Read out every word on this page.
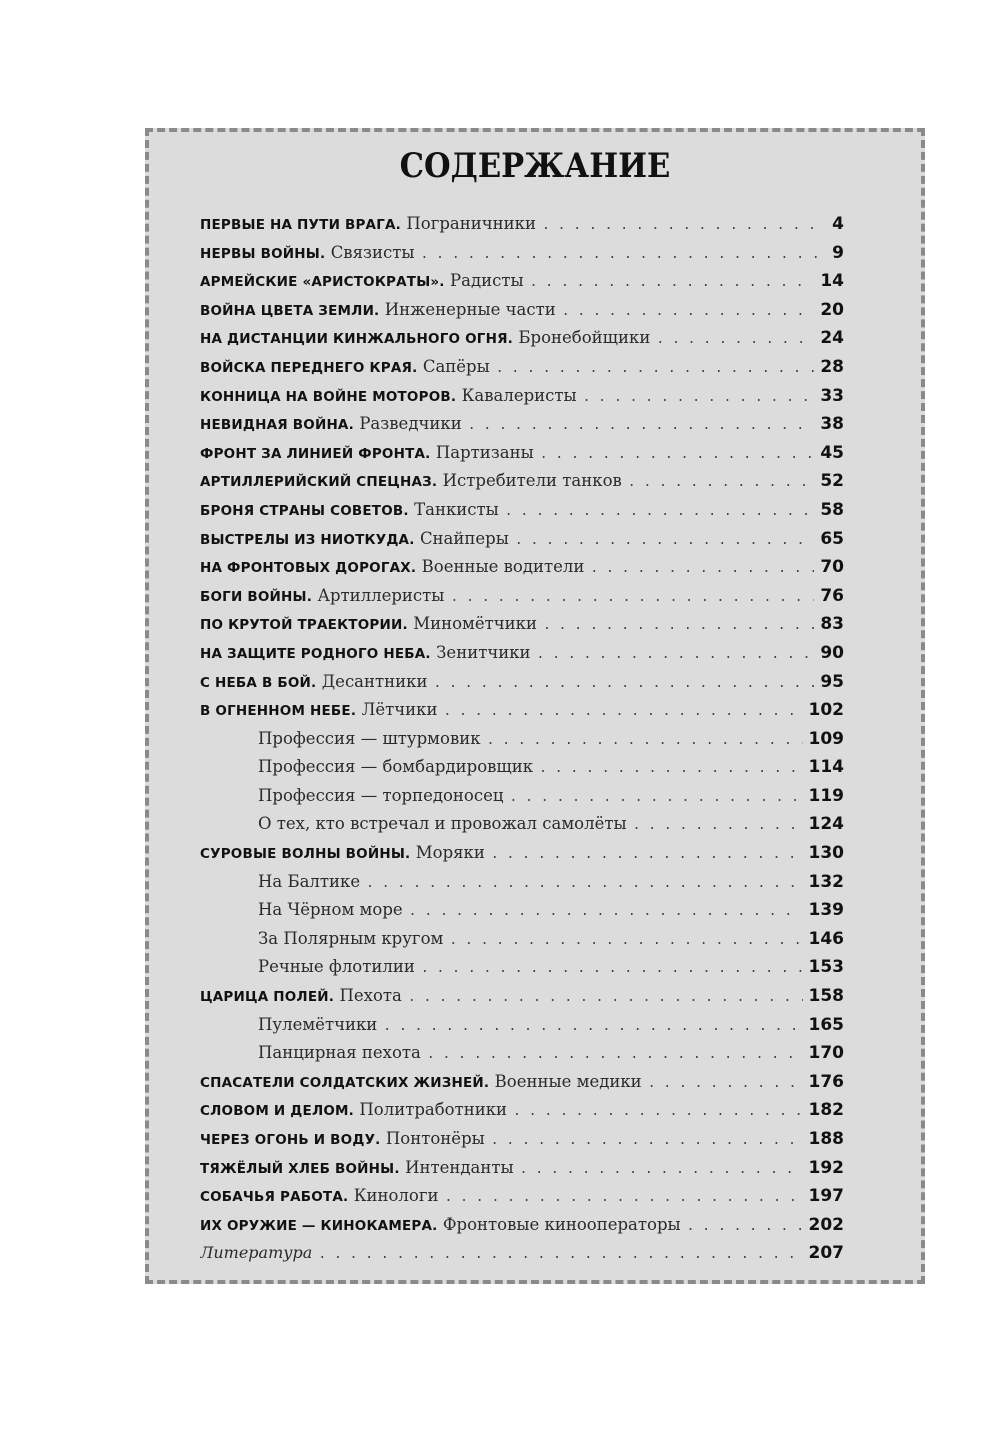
СОДЕРЖАНИЕ
ПЕРВЫЕ НА ПУТИ ВРАГА. Пограничники . . .	4
НЕРВЫ ВОЙНЫ. Связисты . . .	9
АРМЕЙСКИЕ «АРИСТОКРАТЫ». Радисты . . .	14
ВОЙНА ЦВЕТА ЗЕМЛИ. Инженерные части . . .	20
НА ДИСТАНЦИИ КИНЖАЛЬНОГО ОГНЯ. Бронебойщики . . .	24
ВОЙСКА ПЕРЕДНЕГО КРАЯ. Сапёры . . .	28
КОННИЦА НА ВОЙНЕ МОТОРОВ. Кавалеристы . . .	33
НЕВИДНАЯ ВОЙНА. Разведчики . . .	38
ФРОНТ ЗА ЛИНИЕЙ ФРОНТА. Партизаны . . .	45
АРТИЛЛЕРИЙСКИЙ СПЕЦНАЗ. Истребители танков . . .	52
БРОНЯ СТРАНЫ СОВЕТОВ. Танкисты . . .	58
ВЫСТРЕЛЫ ИЗ НИОТКУДА. Снайперы . . .	65
НА ФРОНТОВЫХ ДОРОГАХ. Военные водители . . .	70
БОГИ ВОЙНЫ. Артиллеристы . . .	76
ПО КРУТОЙ ТРАЕКТОРИИ. Миномётчики . . .	83
НА ЗАЩИТЕ РОДНОГО НЕБА. Зенитчики . . .	90
С НЕБА В БОЙ. Десантники . . .	95
В ОГНЕННОМ НЕБЕ. Лётчики . . .	102
Профессия — штурмовик . . .	109
Профессия — бомбардировщик . . .	114
Профессия — торпедоносец . . .	119
О тех, кто встречал и провожал самолёты . . .	124
СУРОВЫЕ ВОЛНЫ ВОЙНЫ. Моряки . . .	130
На Балтике . . .	132
На Чёрном море . . .	139
За Полярным кругом . . .	146
Речные флотилии . . .	153
ЦАРИЦА ПОЛЕЙ. Пехота . . .	158
Пулемётчики . . .	165
Панцирная пехота . . .	170
СПАСАТЕЛИ СОЛДАТСКИХ ЖИЗНЕЙ. Военные медики . . .	176
СЛОВОМ И ДЕЛОМ. Политработники . . .	182
ЧЕРЕЗ ОГОНЬ И ВОДУ. Понтонёры . . .	188
ТЯЖЁЛЫЙ ХЛЕБ ВОЙНЫ. Интенданты . . .	192
СОБАЧЬЯ РАБОТА. Кинологи . . .	197
ИХ ОРУЖИЕ — КИНОКАМЕРА. Фронтовые кинооператоры . . .	202
Литература . . .	207
